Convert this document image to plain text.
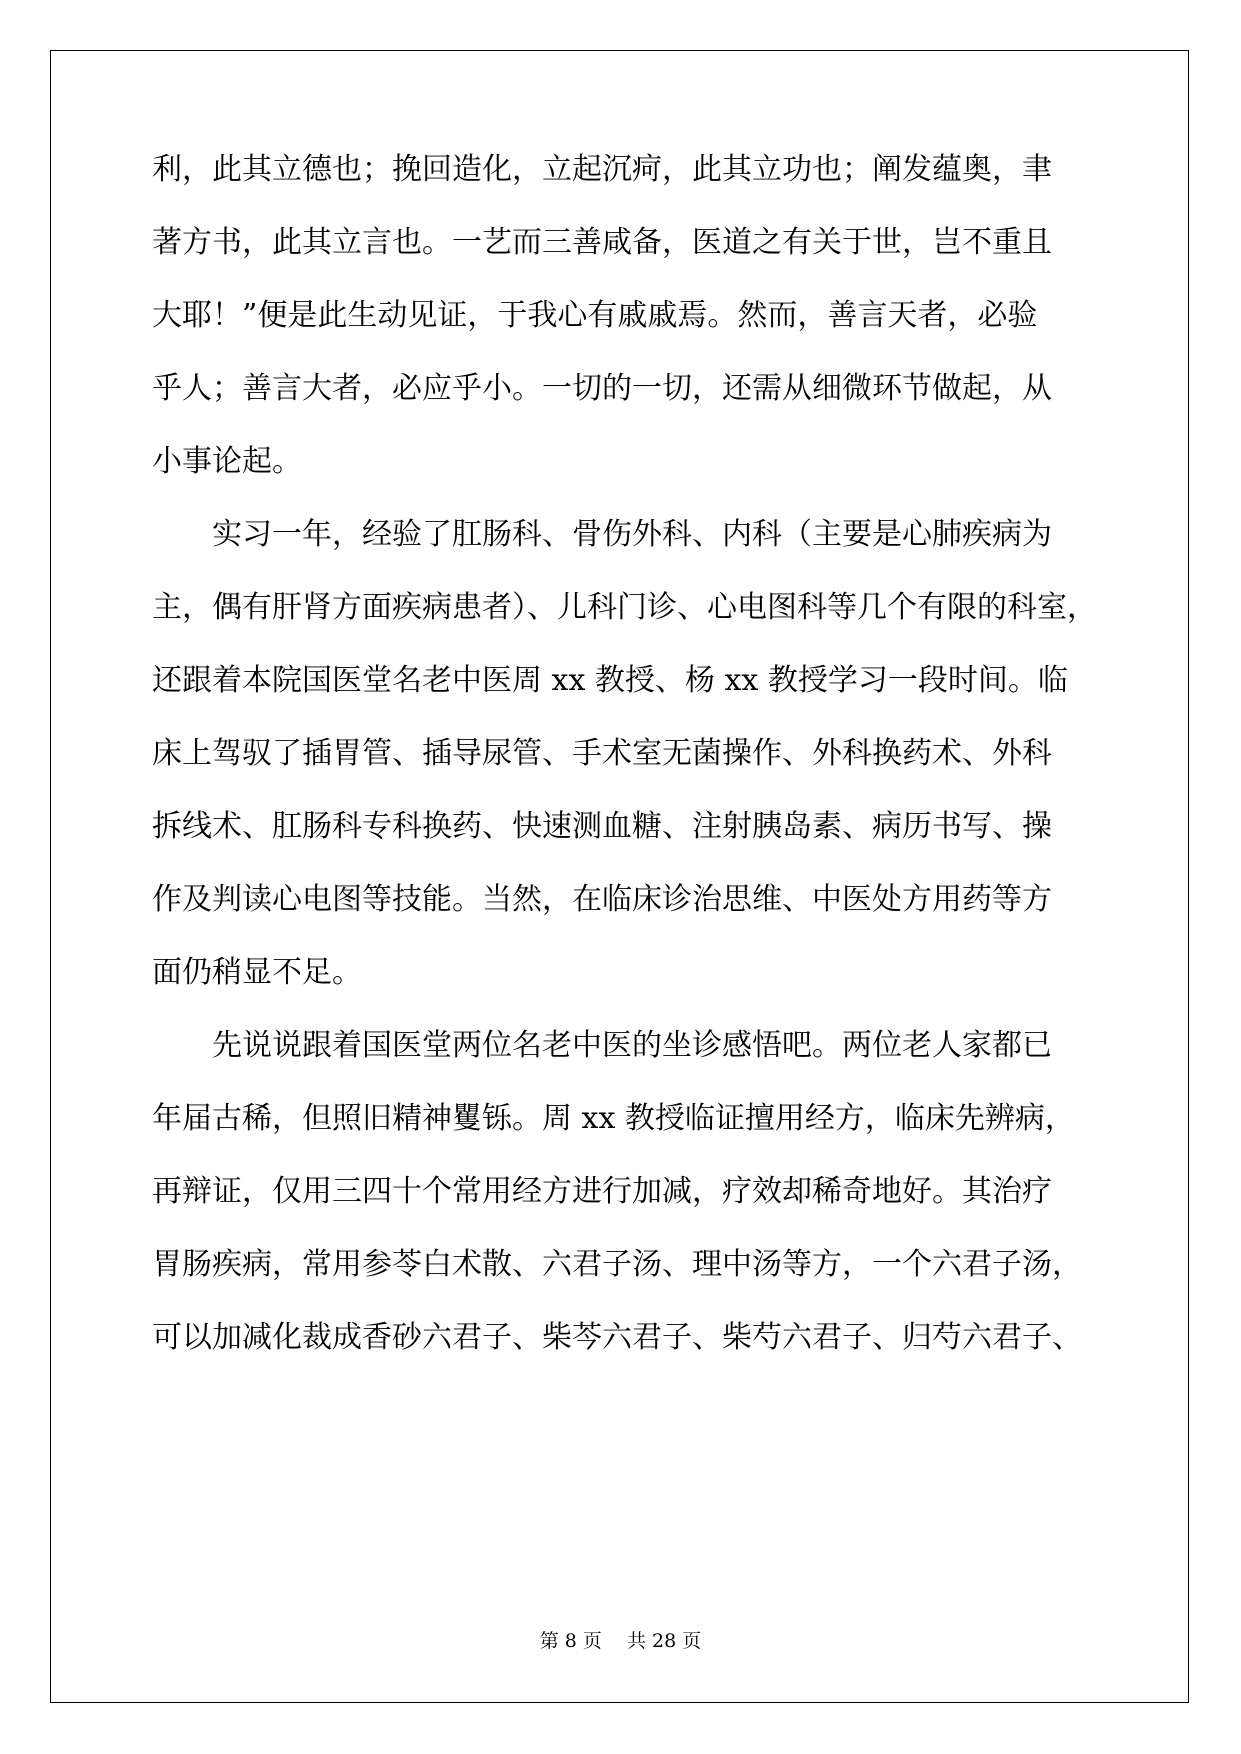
利，此其立德也；挽回造化，立起沉疴，此其立功也；阐发蕴奥，聿
著方书，此其立言也。一艺而三善咸备，医道之有关于世，岂不重且
大耶！”便是此生动见证，于我心有戚戚焉。然而，善言天者，必验
乎人；善言大者，必应乎小。一切的一切，还需从细微环节做起，从
小事论起。
　　实习一年，经验了肛肠科、骨伤外科、内科（主要是心肺疾病为
主，偶有肝肾方面疾病患者）、儿科门诊、心电图科等几个有限的科室，
还跟着本院国医堂名老中医周 xx 教授、杨 xx 教授学习一段时间。临
床上驾驭了插胃管、插导尿管、手术室无菌操作、外科换药术、外科
拆线术、肛肠科专科换药、快速测血糖、注射胰岛素、病历书写、操
作及判读心电图等技能。当然，在临床诊治思维、中医处方用药等方
面仍稍显不足。
　　先说说跟着国医堂两位名老中医的坐诊感悟吧。两位老人家都已
年届古稀，但照旧精神矍铄。周 xx 教授临证擅用经方，临床先辨病，
再辩证，仅用三四十个常用经方进行加减，疗效却稀奇地好。其治疗
胃肠疾病，常用参苓白术散、六君子汤、理中汤等方，一个六君子汤，
可以加减化裁成香砂六君子、柴芩六君子、柴芍六君子、归芍六君子、
第 8 页　 共 28 页
